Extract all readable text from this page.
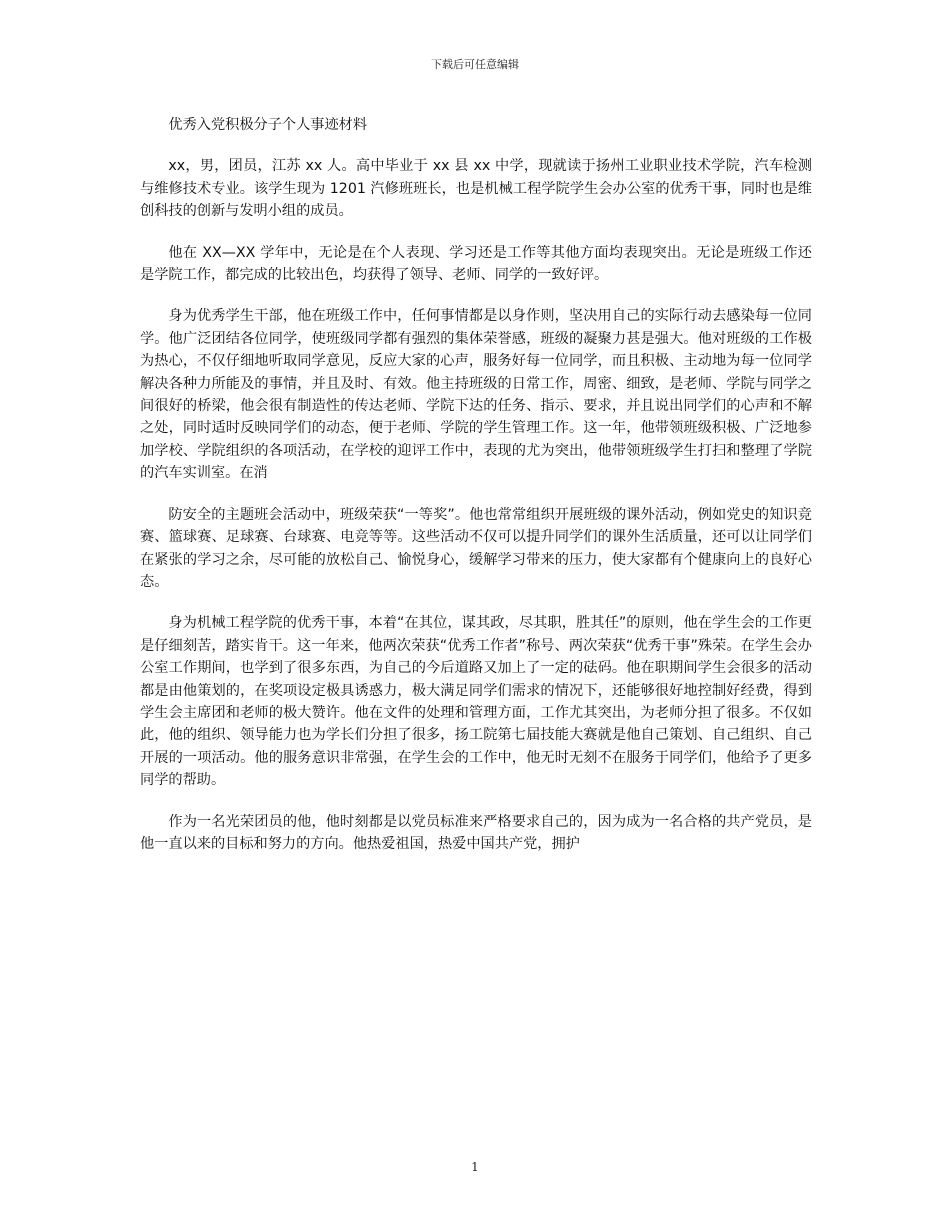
下载后可任意编辑

优秀入党积极分子个人事迹材料

xx，男，团员，江苏 xx 人。高中毕业于 xx 县 xx 中学，现就读于扬州工业职业技术学院，汽车检测与维修技术专业。该学生现为 1201 汽修班班长，也是机械工程学院学生会办公室的优秀干事，同时也是维创科技的创新与发明小组的成员。

他在 XX—XX 学年中，无论是在个人表现、学习还是工作等其他方面均表现突出。无论是班级工作还是学院工作，都完成的比较出色，均获得了领导、老师、同学的一致好评。

身为优秀学生干部，他在班级工作中，任何事情都是以身作则，坚决用自己的实际行动去感染每一位同学。他广泛团结各位同学，使班级同学都有强烈的集体荣誉感，班级的凝聚力甚是强大。他对班级的工作极为热心，不仅仔细地听取同学意见，反应大家的心声，服务好每一位同学，而且积极、主动地为每一位同学解决各种力所能及的事情，并且及时、有效。他主持班级的日常工作，周密、细致，是老师、学院与同学之间很好的桥梁，他会很有制造性的传达老师、学院下达的任务、指示、要求，并且说出同学们的心声和不解之处，同时适时反映同学们的动态，便于老师、学院的学生管理工作。这一年，他带领班级积极、广泛地参加学校、学院组织的各项活动，在学校的迎评工作中，表现的尤为突出，他带领班级学生打扫和整理了学院的汽车实训室。在消

防安全的主题班会活动中，班级荣获“一等奖”。他也常常组织开展班级的课外活动，例如党史的知识竞赛、篮球赛、足球赛、台球赛、电竞等等。这些活动不仅可以提升同学们的课外生活质量，还可以让同学们在紧张的学习之余，尽可能的放松自己、愉悦身心，缓解学习带来的压力，使大家都有个健康向上的良好心态。

身为机械工程学院的优秀干事，本着“在其位，谋其政，尽其职，胜其任”的原则，他在学生会的工作更是仔细刻苦，踏实肯干。这一年来，他两次荣获“优秀工作者”称号、两次荣获“优秀干事”殊荣。在学生会办公室工作期间，也学到了很多东西，为自己的今后道路又加上了一定的砝码。他在职期间学生会很多的活动都是由他策划的，在奖项设定极具诱惑力，极大满足同学们需求的情况下，还能够很好地控制好经费，得到学生会主席团和老师的极大赞许。他在文件的处理和管理方面，工作尤其突出，为老师分担了很多。不仅如此，他的组织、领导能力也为学长们分担了很多，扬工院第七届技能大赛就是他自己策划、自己组织、自己开展的一项活动。他的服务意识非常强，在学生会的工作中，他无时无刻不在服务于同学们，他给予了更多同学的帮助。

作为一名光荣团员的他，他时刻都是以党员标准来严格要求自己的，因为成为一名合格的共产党员，是他一直以来的目标和努力的方向。他热爱祖国，热爱中国共产党，拥护

1
